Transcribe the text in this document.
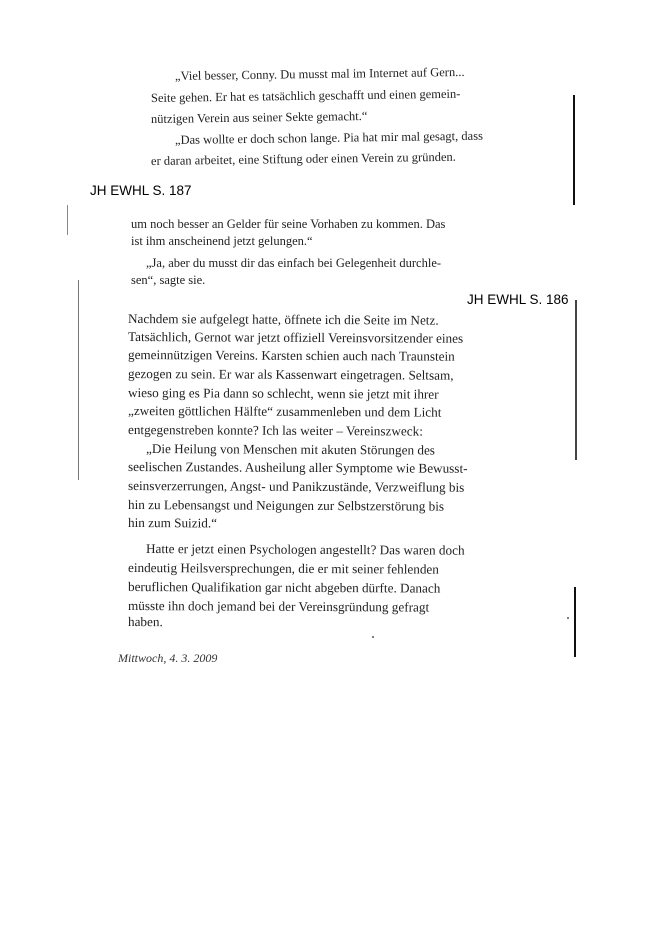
„Viel besser, Conny. Du musst mal im Internet auf Gern...
Seite gehen. Er hat es tatsächlich geschafft und einen gemein-
nützigen Verein aus seiner Sekte gemacht.“
„Das wollte er doch schon lange. Pia hat mir mal gesagt, dass
er daran arbeitet, eine Stiftung oder einen Verein zu gründen.
JH EWHL S. 187
um noch besser an Gelder für seine Vorhaben zu kommen. Das
ist ihm anscheinend jetzt gelungen.“
„Ja, aber du musst dir das einfach bei Gelegenheit durchle-
sen“, sagte sie.
JH EWHL S. 186
Nachdem sie aufgelegt hatte, öffnete ich die Seite im Netz.
Tatsächlich, Gernot war jetzt offiziell Vereinsvorsitzender eines
gemeinnützigen Vereins. Karsten schien auch nach Traunstein
gezogen zu sein. Er war als Kassenwart eingetragen. Seltsam,
wieso ging es Pia dann so schlecht, wenn sie jetzt mit ihrer
„zweiten göttlichen Hälfte“ zusammenleben und dem Licht
entgegenstreben konnte? Ich las weiter – Vereinszweck:
„Die Heilung von Menschen mit akuten Störungen des
seelischen Zustandes. Ausheilung aller Symptome wie Bewusst-
seinsverzerrungen, Angst- und Panikzustände, Verzweiflung bis
hin zu Lebensangst und Neigungen zur Selbstzerstörung bis
hin zum Suizid.“
Hatte er jetzt einen Psychologen angestellt? Das waren doch
eindeutig Heilsversprechungen, die er mit seiner fehlenden
beruflichen Qualifikation gar nicht abgeben dürfte. Danach
müsste ihn doch jemand bei der Vereinsgründung gefragt
haben.
Mittwoch, 4. 3. 2009
